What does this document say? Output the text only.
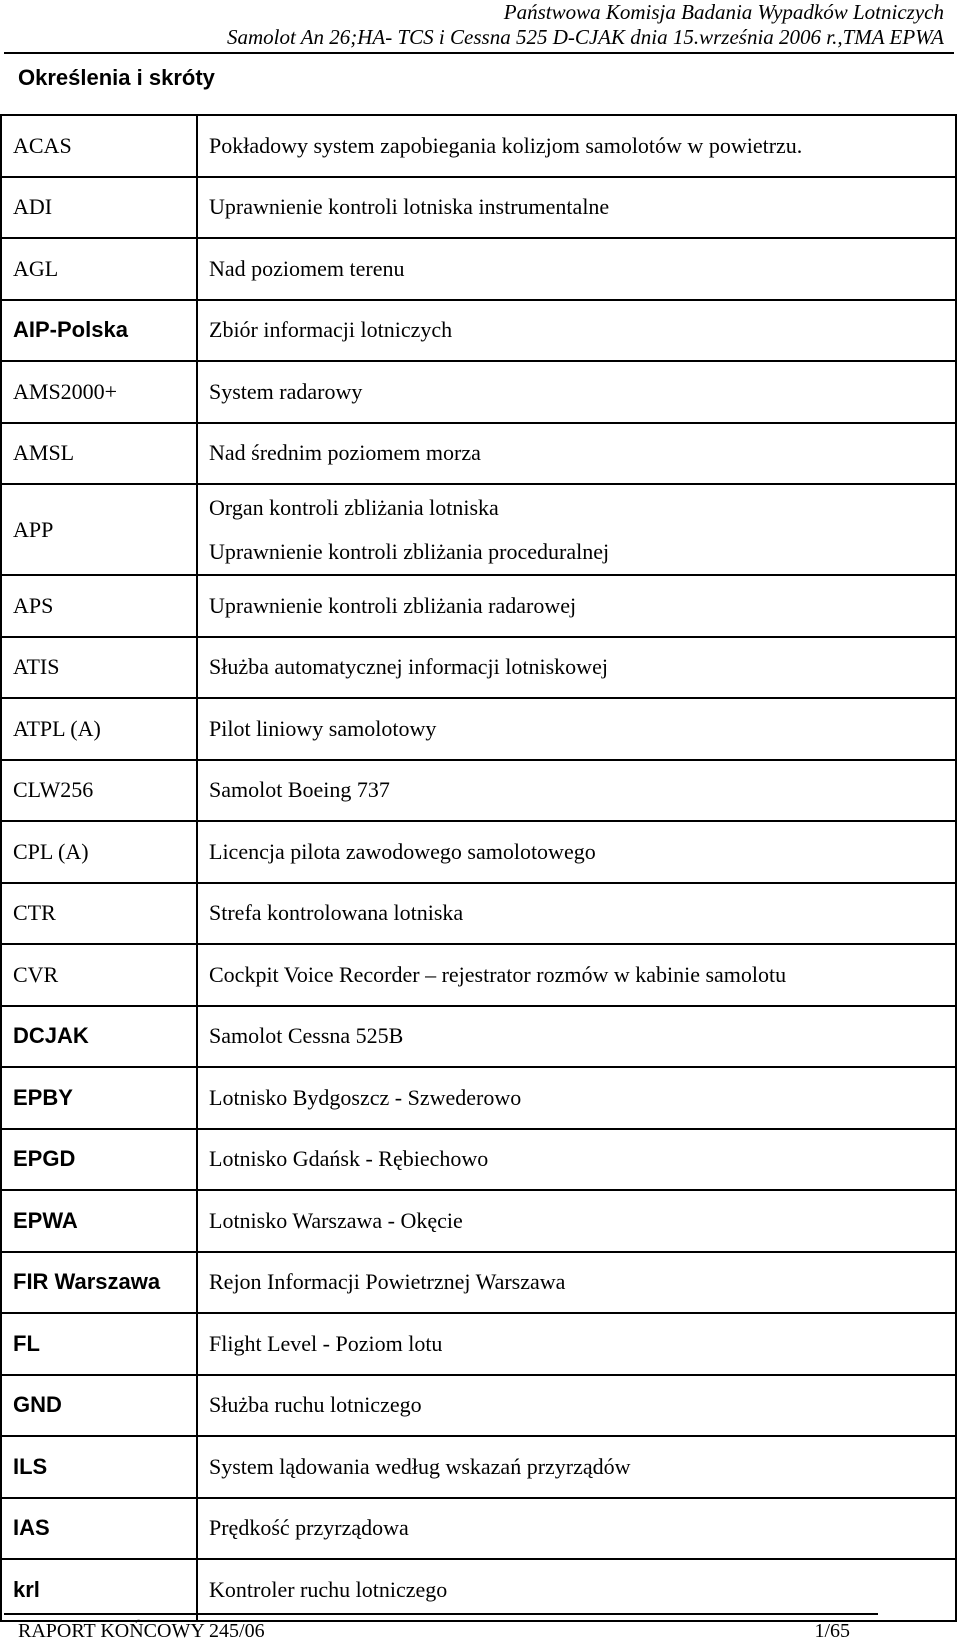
Państwowa Komisja Badania Wypadków Lotniczych
Samolot An 26;HA- TCS i Cessna 525 D-CJAK dnia 15.września 2006 r.,TMA EPWA
Określenia i skróty
ACAS	Pokładowy system zapobiegania kolizjom samolotów w powietrzu.

ADI	Uprawnienie kontroli lotniska instrumentalne

AGL	Nad poziomem terenu

AIP-Polska	Zbiór informacji lotniczych

AMS2000+	System radarowy

AMSL	Nad średnim poziomem morza

APP	Organ kontroli zbliżania lotniska
Uprawnienie kontroli zbliżania proceduralnej

APS	Uprawnienie kontroli zbliżania radarowej

ATIS	Służba automatycznej informacji lotniskowej

ATPL (A)	Pilot liniowy samolotowy

CLW256	Samolot Boeing 737

CPL (A)	Licencja pilota zawodowego samolotowego

CTR	Strefa kontrolowana lotniska

CVR	Cockpit Voice Recorder – rejestrator rozmów w kabinie samolotu

DCJAK	Samolot Cessna 525B

EPBY	Lotnisko Bydgoszcz - Szwederowo

EPGD	Lotnisko Gdańsk - Rębiechowo

EPWA	Lotnisko Warszawa - Okęcie

FIR Warszawa	Rejon Informacji Powietrznej Warszawa

FL	Flight Level - Poziom lotu

GND	Służba ruchu lotniczego

ILS	System lądowania według wskazań przyrządów

IAS	Prędkość przyrządowa

krl	Kontroler ruchu lotniczego
RAPORT KOŃCOWY 245/06	1/65
